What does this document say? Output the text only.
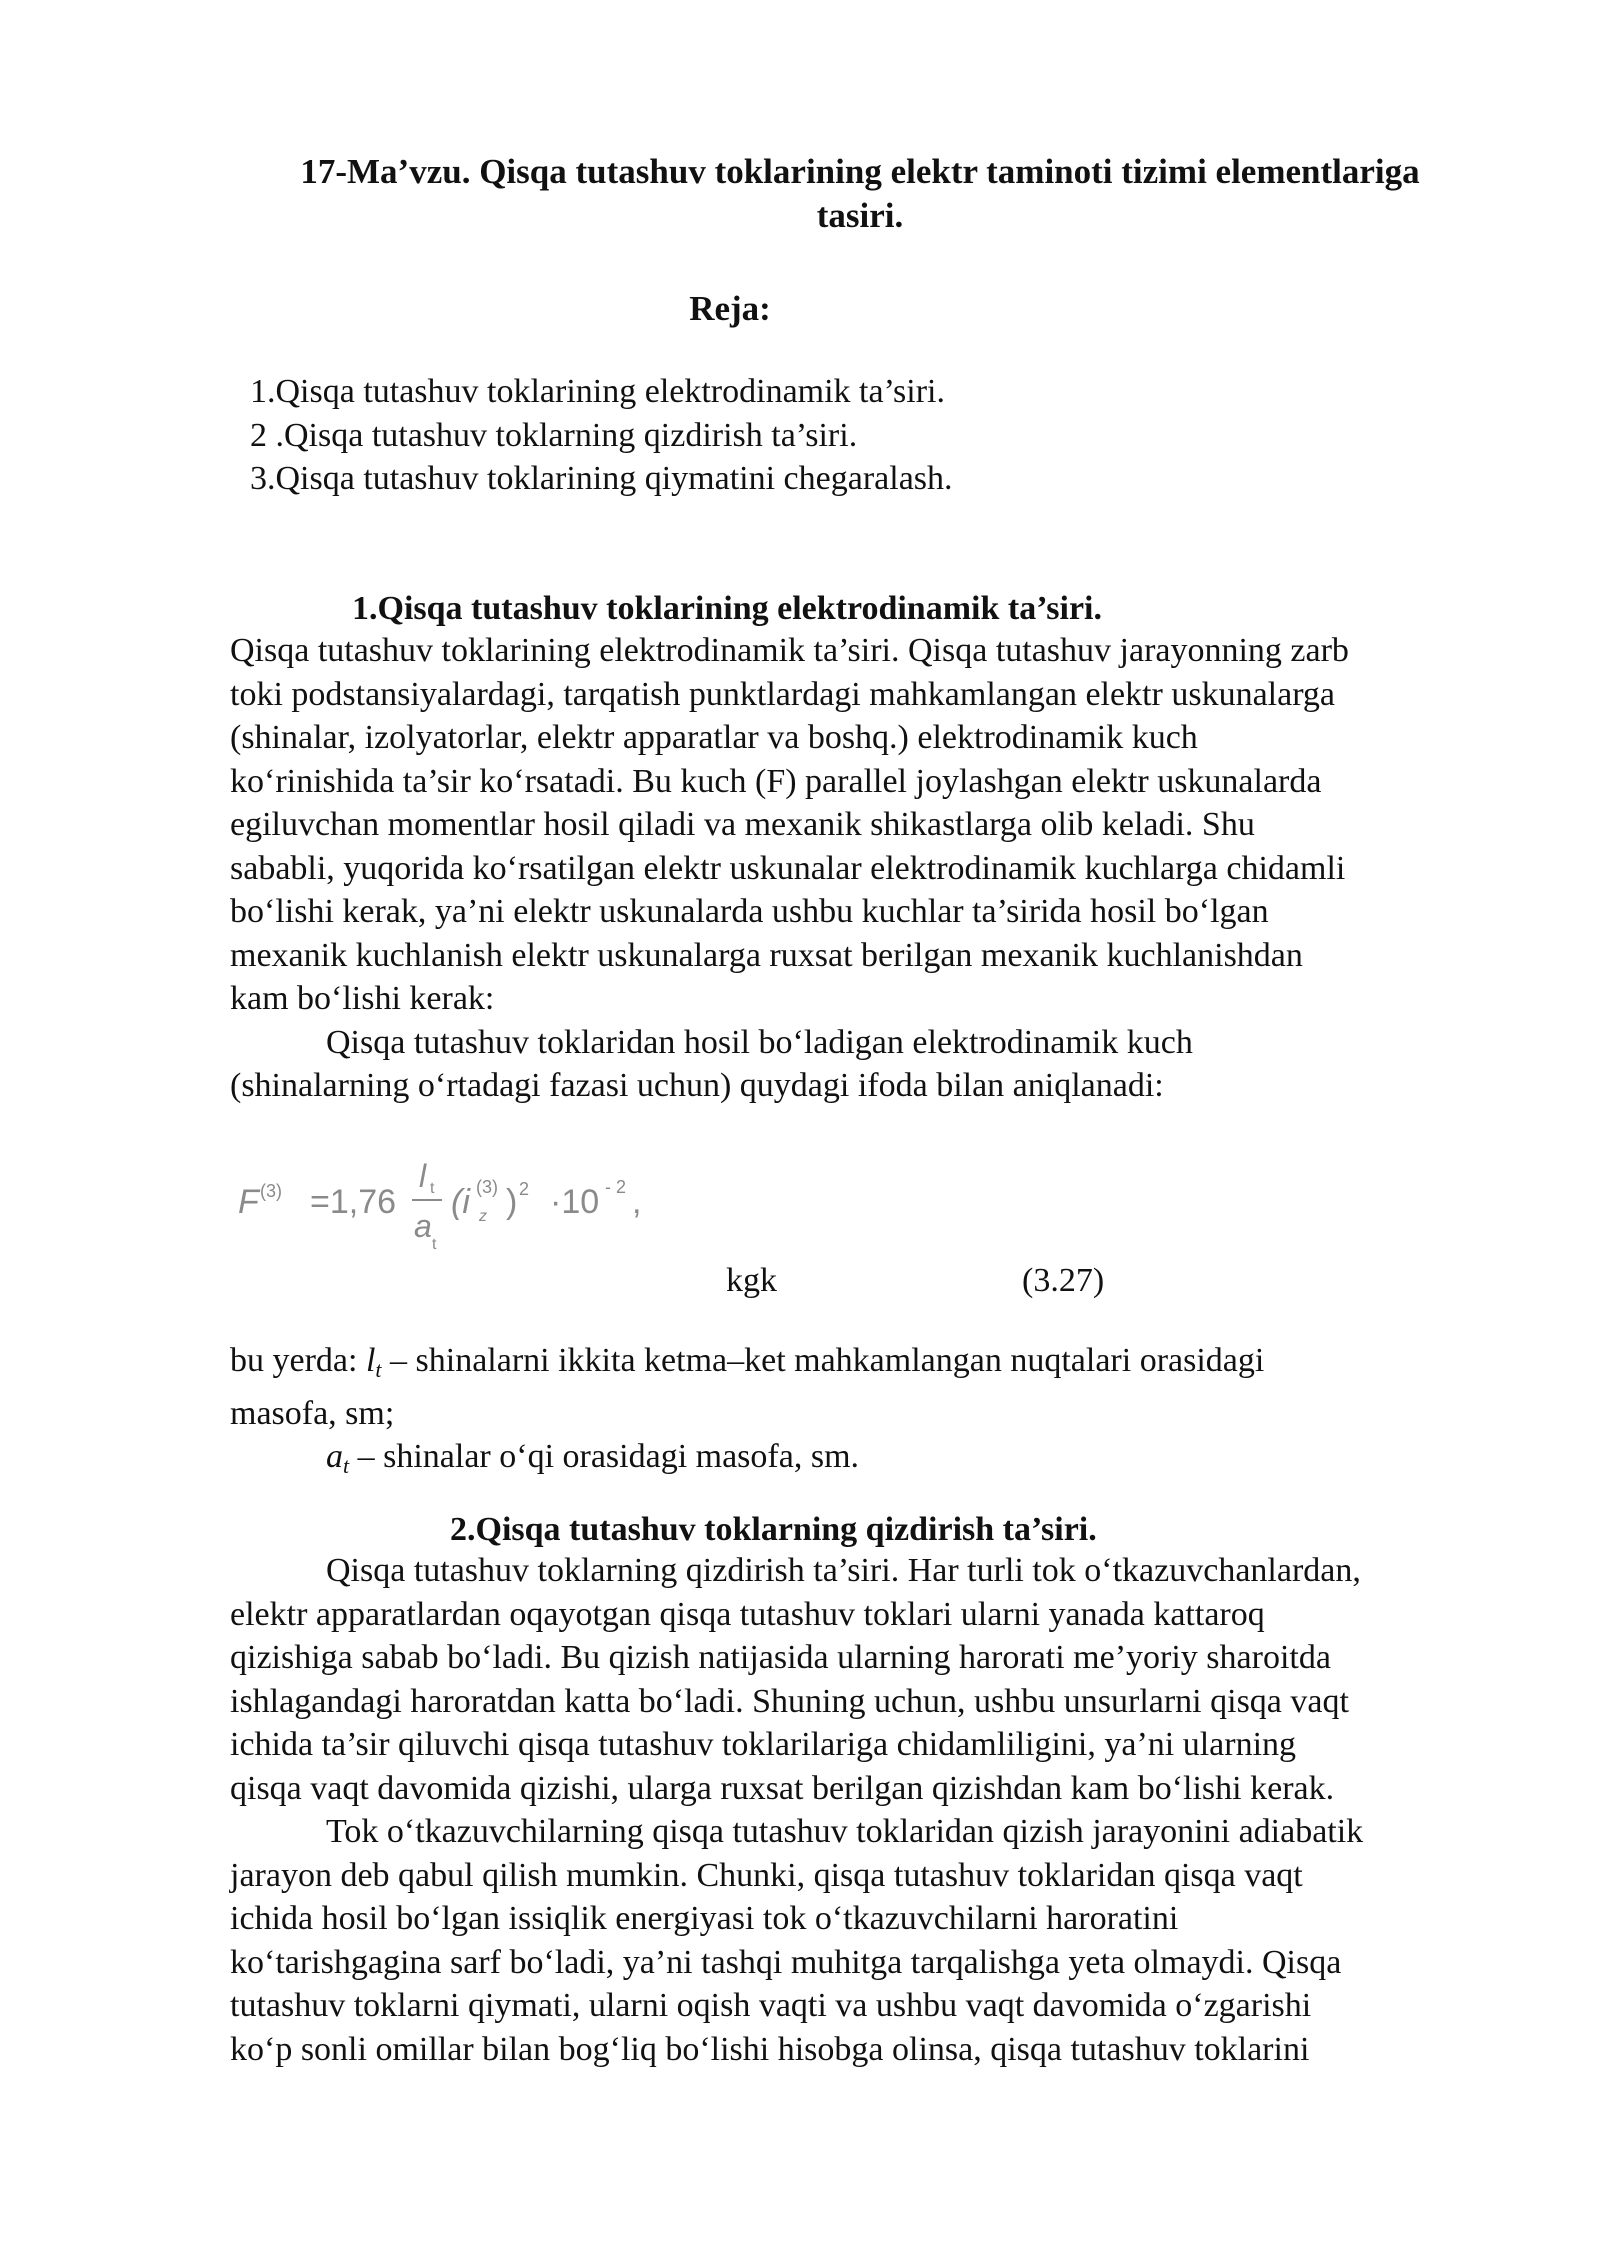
17-Ma’vzu. Qisqa tutashuv toklarining elektr taminoti tizimi elementlariga
tasiri.
Reja:
1.Qisqa tutashuv toklarining elektrodinamik ta’siri.
2 .Qisqa tutashuv toklarning qizdirish ta’siri.
3.Qisqa tutashuv toklarining qiymatini chegaralash.
1.Qisqa tutashuv toklarining elektrodinamik ta’siri.
Qisqa tutashuv toklarining elektrodinamik ta’siri. Qisqa tutashuv jarayonning zarb
toki podstansiyalardagi, tarqatish punktlardagi mahkamlangan elektr uskunalarga
(shinalar, izolyatorlar, elektr apparatlar va boshq.) elektrodinamik kuch
ko‘rinishida ta’sir ko‘rsatadi. Bu kuch (F) parallel joylashgan elektr uskunalarda
egiluvchan momentlar hosil qiladi va mexanik shikastlarga olib keladi. Shu
sababli, yuqorida ko‘rsatilgan elektr uskunalar elektrodinamik kuchlarga chidamli
bo‘lishi kerak, ya’ni elektr uskunalarda ushbu kuchlar ta’sirida hosil bo‘lgan
mexanik kuchlanish elektr uskunalarga ruxsat berilgan mexanik kuchlanishdan
kam bo‘lishi kerak:
Qisqa tutashuv toklaridan hosil bo‘ladigan elektrodinamik kuch
(shinalarning o‘rtadagi fazasi uchun) quydagi ifoda bilan aniqlanadi:
F (3) =1,76
l t
a
t
(i (3)
z ) 2 ·10 - 2 ,
kgk	(3.27)
bu yerda: $l_t$ – shinalarni ikkita ketma–ket mahkamlangan nuqtalari orasidagi
masofa, sm;
$a_t$ – shinalar o‘qi orasidagi masofa, sm.
2.Qisqa tutashuv toklarning qizdirish ta’siri.
Qisqa tutashuv toklarning qizdirish ta’siri. Har turli tok o‘tkazuvchanlardan,
elektr apparatlardan oqayotgan qisqa tutashuv toklari ularni yanada kattaroq
qizishiga sabab bo‘ladi. Bu qizish natijasida ularning harorati me’yoriy sharoitda
ishlagandagi haroratdan katta bo‘ladi. Shuning uchun, ushbu unsurlarni qisqa vaqt
ichida ta’sir qiluvchi qisqa tutashuv toklarilariga chidamliligini, ya’ni ularning
qisqa vaqt davomida qizishi, ularga ruxsat berilgan qizishdan kam bo‘lishi kerak.
Tok o‘tkazuvchilarning qisqa tutashuv toklaridan qizish jarayonini adiabatik
jarayon deb qabul qilish mumkin. Chunki, qisqa tutashuv toklaridan qisqa vaqt
ichida hosil bo‘lgan issiqlik energiyasi tok o‘tkazuvchilarni haroratini
ko‘tarishgagina sarf bo‘ladi, ya’ni tashqi muhitga tarqalishga yeta olmaydi. Qisqa
tutashuv toklarni qiymati, ularni oqish vaqti va ushbu vaqt davomida o‘zgarishi
ko‘p sonli omillar bilan bog‘liq bo‘lishi hisobga olinsa, qisqa tutashuv toklarini
